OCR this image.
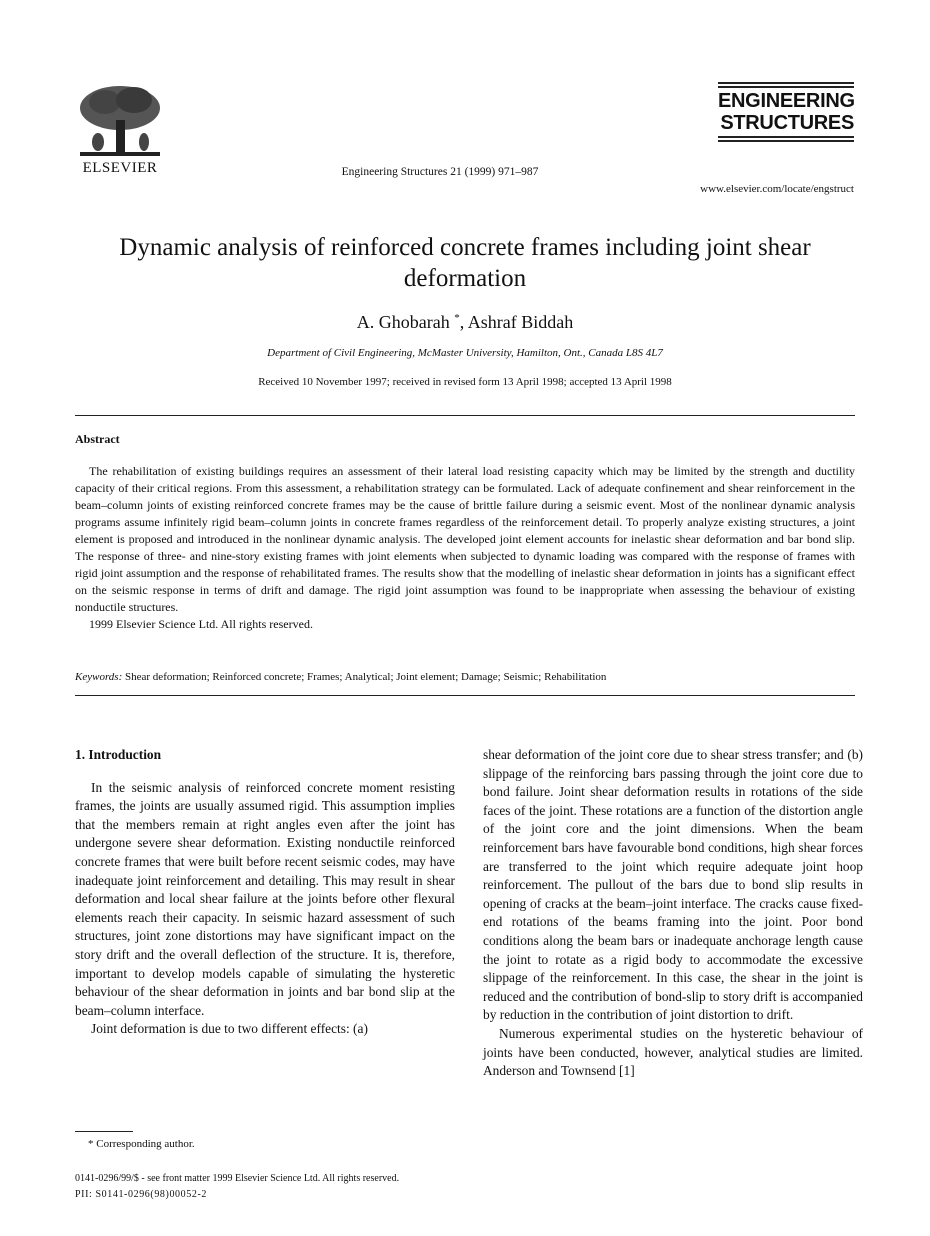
ELSEVIER	Engineering Structures 21 (1999) 971–987
ENGINEERING
STRUCTURES
www.elsevier.com/locate/engstruct
Dynamic analysis of reinforced concrete frames including joint shear deformation
A. Ghobarah *, Ashraf Biddah
Department of Civil Engineering, McMaster University, Hamilton, Ont., Canada L8S 4L7
Received 10 November 1997; received in revised form 13 April 1998; accepted 13 April 1998
Abstract

The rehabilitation of existing buildings requires an assessment of their lateral load resisting capacity which may be limited by the strength and ductility capacity of their critical regions. From this assessment, a rehabilitation strategy can be formulated. Lack of adequate confinement and shear reinforcement in the beam–column joints of existing reinforced concrete frames may be the cause of brittle failure during a seismic event. Most of the nonlinear dynamic analysis programs assume infinitely rigid beam–column joints in concrete frames regardless of the reinforcement detail. To properly analyze existing structures, a joint element is proposed and introduced in the nonlinear dynamic analysis. The developed joint element accounts for inelastic shear deformation and bar bond slip. The response of three- and nine-story existing frames with joint elements when subjected to dynamic loading was compared with the response of frames with rigid joint assumption and the response of rehabilitated frames. The results show that the modelling of inelastic shear deformation in joints has a significant effect on the seismic response in terms of drift and damage. The rigid joint assumption was found to be inappropriate when assessing the behaviour of existing nonductile structures.

1999 Elsevier Science Ltd. All rights reserved.

Keywords: Shear deformation; Reinforced concrete; Frames; Analytical; Joint element; Damage; Seismic; Rehabilitation
1. Introduction

In the seismic analysis of reinforced concrete moment resisting frames, the joints are usually assumed rigid. This assumption implies that the members remain at right angles even after the joint has undergone severe shear deformation. Existing nonductile reinforced concrete frames that were built before recent seismic codes, may have inadequate joint reinforcement and detailing. This may result in shear deformation and local shear failure at the joints before other flexural elements reach their capacity. In seismic hazard assessment of such structures, joint zone distortions may have significant impact on the story drift and the overall deflection of the structure. It is, therefore, important to develop models capable of simulating the hysteretic behaviour of the shear deformation in joints and bar bond slip at the beam–column interface.

Joint deformation is due to two different effects: (a)

shear deformation of the joint core due to shear stress transfer; and (b) slippage of the reinforcing bars passing through the joint core due to bond failure. Joint shear deformation results in rotations of the side faces of the joint. These rotations are a function of the distortion angle of the joint core and the joint dimensions. When the beam reinforcement bars have favourable bond conditions, high shear forces are transferred to the joint which require adequate joint hoop reinforcement. The pullout of the bars due to bond slip results in opening of cracks at the beam–joint interface. The cracks cause fixed-end rotations of the beams framing into the joint. Poor bond conditions along the beam bars or inadequate anchorage length cause the joint to rotate as a rigid body to accommodate the excessive slippage of the reinforcement. In this case, the shear in the joint is reduced and the contribution of bond-slip to story drift is accompanied by reduction in the contribution of joint distortion to drift.

Numerous experimental studies on the hysteretic behaviour of joints have been conducted, however, analytical studies are limited. Anderson and Townsend [1]

* Corresponding author.
0141-0296/99/$ - see front matter 1999 Elsevier Science Ltd. All rights reserved.
PII: S0141-0296(98)00052-2
